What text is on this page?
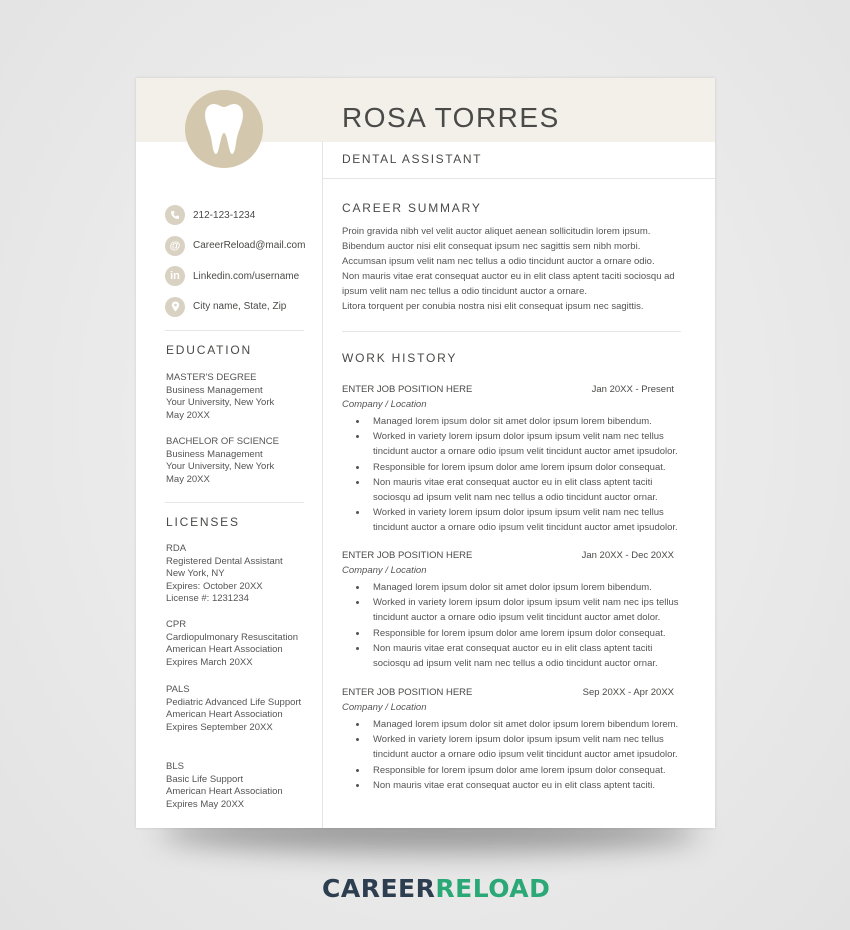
ROSA TORRES
DENTAL ASSISTANT
212-123-1234
@	CareerReload@mail.com
in	Linkedin.com/username
City name, State, Zip
EDUCATION
MASTER'S DEGREE
Business Management
Your University, New York
May 20XX
BACHELOR OF SCIENCE
Business Management
Your University, New York
May 20XX
LICENSES
RDA
Registered Dental Assistant
New York, NY
Expires: October 20XX
License #: 1231234
CPR
Cardiopulmonary Resuscitation
American Heart Association
Expires March 20XX
PALS
Pediatric Advanced Life Support
American Heart Association
Expires September 20XX
BLS
Basic Life Support
American Heart Association
Expires May 20XX
CAREER SUMMARY
Proin gravida nibh vel velit auctor aliquet aenean sollicitudin lorem ipsum.
Bibendum auctor nisi elit consequat ipsum nec sagittis sem nibh morbi.
Accumsan ipsum velit nam nec tellus a odio tincidunt auctor a ornare odio.
Non mauris vitae erat consequat auctor eu in elit class aptent taciti sociosqu ad
ipsum velit nam nec tellus a odio tincidunt auctor a ornare.
Litora torquent per conubia nostra nisi elit consequat ipsum nec sagittis.
WORK HISTORY
ENTER JOB POSITION HERE	Jan 20XX - Present
Company / Location
Managed lorem ipsum dolor sit amet dolor ipsum lorem bibendum.
Worked in variety lorem ipsum dolor ipsum ipsum velit nam nec tellus
tincidunt auctor a ornare odio ipsum velit tincidunt auctor amet ipsudolor.
Responsible for lorem ipsum dolor ame lorem ipsum dolor consequat.
Non mauris vitae erat consequat auctor eu in elit class aptent taciti
sociosqu ad ipsum velit nam nec tellus a odio tincidunt auctor ornar.
Worked in variety lorem ipsum dolor ipsum ipsum velit nam nec tellus
tincidunt auctor a ornare odio ipsum velit tincidunt auctor amet ipsudolor.
ENTER JOB POSITION HERE	Jan 20XX - Dec 20XX
Company / Location
Managed lorem ipsum dolor sit amet dolor ipsum lorem bibendum.
Worked in variety lorem ipsum dolor ipsum ipsum velit nam nec ips tellus
tincidunt auctor a ornare odio ipsum velit tincidunt auctor amet dolor.
Responsible for lorem ipsum dolor ame lorem ipsum dolor consequat.
Non mauris vitae erat consequat auctor eu in elit class aptent taciti
sociosqu ad ipsum velit nam nec tellus a odio tincidunt auctor ornar.
ENTER JOB POSITION HERE	Sep 20XX - Apr 20XX
Company / Location
Managed lorem ipsum dolor sit amet dolor ipsum lorem bibendum lorem.
Worked in variety lorem ipsum dolor ipsum ipsum velit nam nec tellus
tincidunt auctor a ornare odio ipsum velit tincidunt auctor amet ipsudolor.
Responsible for lorem ipsum dolor ame lorem ipsum dolor consequat.
Non mauris vitae erat consequat auctor eu in elit class aptent taciti.
CAREERRELOAD
